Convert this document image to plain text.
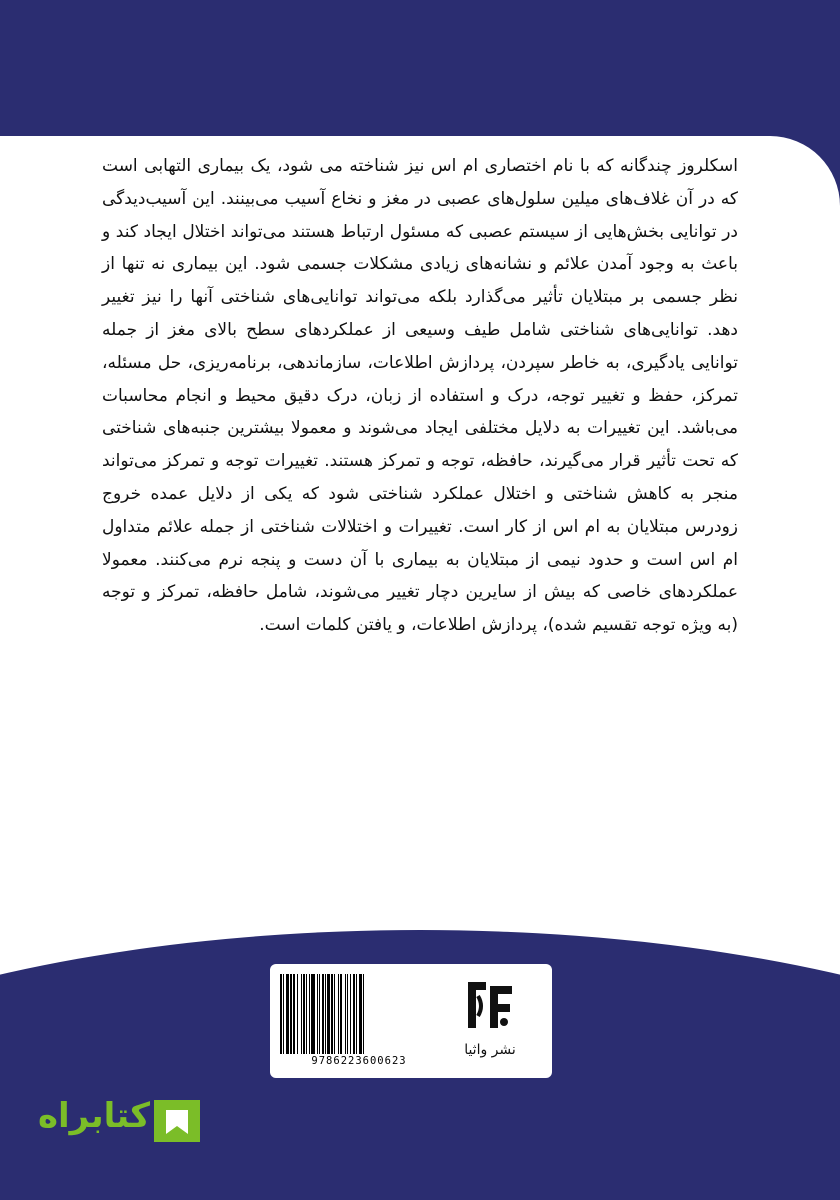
اسکلروز چندگانه که با نام اختصاری ام اس نیز شناخته می شود، یک بیماری التهابی است که در آن غلاف‌های میلین سلول‌های عصبی در مغز و نخاع آسیب می‌بینند. این آسیب‌دیدگی در توانایی بخش‌هایی از سیستم عصبی که مسئول ارتباط هستند می‌تواند اختلال ایجاد کند و باعث به وجود آمدن علائم و نشانه‌های زیادی مشکلات جسمی شود. این بیماری نه تنها از نظر جسمی بر مبتلایان تأثیر می‌گذارد بلکه می‌تواند توانایی‌های شناختی آنها را نیز تغییر دهد. توانایی‌های شناختی شامل طیف وسیعی از عملکردهای سطح بالای مغز از جمله توانایی یادگیری، به خاطر سپردن، پردازش اطلاعات، سازماندهی، برنامه‌ریزی، حل مسئله، تمرکز، حفظ و تغییر توجه، درک و استفاده از زبان، درک دقیق محیط و انجام محاسبات می‌باشد. این تغییرات به دلایل مختلفی ایجاد می‌شوند و معمولا بیشترین جنبه‌های شناختی که تحت تأثیر قرار می‌گیرند، حافظه، توجه و تمرکز هستند. تغییرات توجه و تمرکز می‌تواند منجر به کاهش شناختی و اختلال عملکرد شناختی شود که یکی از دلایل عمده خروج زودرس مبتلایان به ام اس از کار است. تغییرات و اختلالات شناختی از جمله علائم متداول ام اس است و حدود نیمی از مبتلایان به بیماری با آن دست و پنجه نرم می‌کنند. معمولا عملکردهای خاصی که بیش از سایرین دچار تغییر می‌شوند، شامل حافظه، تمرکز و توجه (به ویژه توجه تقسیم شده)، پردازش اطلاعات، و یافتن کلمات است.

9786223600623
نشر واثیا
کتابراه
